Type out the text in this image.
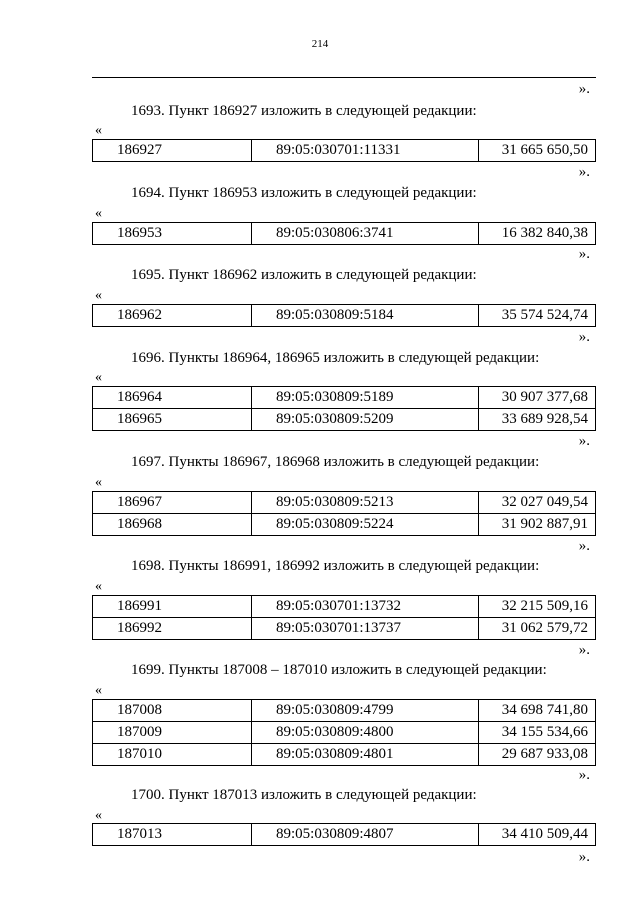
214
».
1693. Пункт 186927 изложить в следующей редакции:
«
186927	89:05:030701:11331	31 665 650,50
».
1694. Пункт 186953 изложить в следующей редакции:
«
186953	89:05:030806:3741	16 382 840,38
».
1695. Пункт 186962 изложить в следующей редакции:
«
186962	89:05:030809:5184	35 574 524,74
».
1696. Пункты 186964, 186965 изложить в следующей редакции:
«
186964	89:05:030809:5189	30 907 377,68
186965	89:05:030809:5209	33 689 928,54
».
1697. Пункты 186967, 186968 изложить в следующей редакции:
«
186967	89:05:030809:5213	32 027 049,54
186968	89:05:030809:5224	31 902 887,91
».
1698. Пункты 186991, 186992 изложить в следующей редакции:
«
186991	89:05:030701:13732	32 215 509,16
186992	89:05:030701:13737	31 062 579,72
».
1699. Пункты 187008 – 187010 изложить в следующей редакции:
«
187008	89:05:030809:4799	34 698 741,80
187009	89:05:030809:4800	34 155 534,66
187010	89:05:030809:4801	29 687 933,08
».
1700. Пункт 187013 изложить в следующей редакции:
«
187013	89:05:030809:4807	34 410 509,44
».
